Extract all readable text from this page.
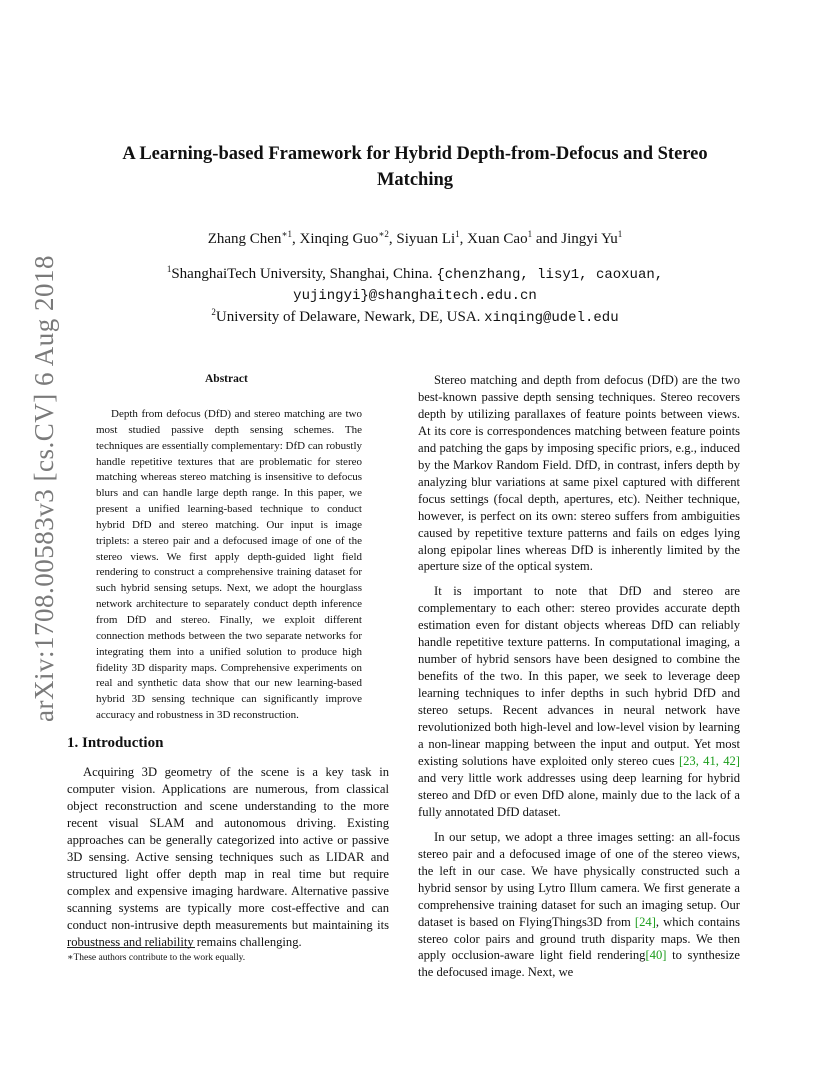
arXiv:1708.00583v3 [cs.CV] 6 Aug 2018
A Learning-based Framework for Hybrid Depth-from-Defocus and Stereo
Matching
Zhang Chen$^{∗1}$, Xinqing Guo$^{∗2}$, Siyuan Li$^1$, Xuan Cao$^1$ and Jingyi Yu$^1$
$^1$ShanghaiTech University, Shanghai, China. {chenzhang, lisy1, caoxuan,
yujingyi}@shanghaitech.edu.cn
$^2$University of Delaware, Newark, DE, USA. xinqing@udel.edu
Abstract

Depth from defocus (DfD) and stereo matching are two most studied passive depth sensing schemes. The techniques are essentially complementary: DfD can robustly handle repetitive textures that are problematic for stereo matching whereas stereo matching is insensitive to defocus blurs and can handle large depth range. In this paper, we present a unified learning-based technique to conduct hybrid DfD and stereo matching. Our input is image triplets: a stereo pair and a defocused image of one of the stereo views. We first apply depth-guided light field rendering to construct a comprehensive training dataset for such hybrid sensing setups. Next, we adopt the hourglass network architecture to separately conduct depth inference from DfD and stereo. Finally, we exploit different connection methods between the two separate networks for integrating them into a unified solution to produce high fidelity 3D disparity maps. Comprehensive experiments on real and synthetic data show that our new learning-based hybrid 3D sensing technique can significantly improve accuracy and robustness in 3D reconstruction.

1. Introduction

Acquiring 3D geometry of the scene is a key task in computer vision. Applications are numerous, from classical object reconstruction and scene understanding to the more recent visual SLAM and autonomous driving. Existing approaches can be generally categorized into active or passive 3D sensing. Active sensing techniques such as LIDAR and structured light offer depth map in real time but require complex and expensive imaging hardware. Alternative passive scanning systems are typically more cost-effective and can conduct non-intrusive depth measurements but maintaining its robustness and reliability remains challenging.

∗These authors contribute to the work equally.

Stereo matching and depth from defocus (DfD) are the two best-known passive depth sensing techniques. Stereo recovers depth by utilizing parallaxes of feature points between views. At its core is correspondences matching between feature points and patching the gaps by imposing specific priors, e.g., induced by the Markov Random Field. DfD, in contrast, infers depth by analyzing blur variations at same pixel captured with different focus settings (focal depth, apertures, etc). Neither technique, however, is perfect on its own: stereo suffers from ambiguities caused by repetitive texture patterns and fails on edges lying along epipolar lines whereas DfD is inherently limited by the aperture size of the optical system.

It is important to note that DfD and stereo are complementary to each other: stereo provides accurate depth estimation even for distant objects whereas DfD can reliably handle repetitive texture patterns. In computational imaging, a number of hybrid sensors have been designed to combine the benefits of the two. In this paper, we seek to leverage deep learning techniques to infer depths in such hybrid DfD and stereo setups. Recent advances in neural network have revolutionized both high-level and low-level vision by learning a non-linear mapping between the input and output. Yet most existing solutions have exploited only stereo cues [23, 41, 42] and very little work addresses using deep learning for hybrid stereo and DfD or even DfD alone, mainly due to the lack of a fully annotated DfD dataset.

In our setup, we adopt a three images setting: an all-focus stereo pair and a defocused image of one of the stereo views, the left in our case. We have physically constructed such a hybrid sensor by using Lytro Illum camera. We first generate a comprehensive training dataset for such an imaging setup. Our dataset is based on FlyingThings3D from [24], which contains stereo color pairs and ground truth disparity maps. We then apply occlusion-aware light field rendering[40] to synthesize the defocused image. Next, we
